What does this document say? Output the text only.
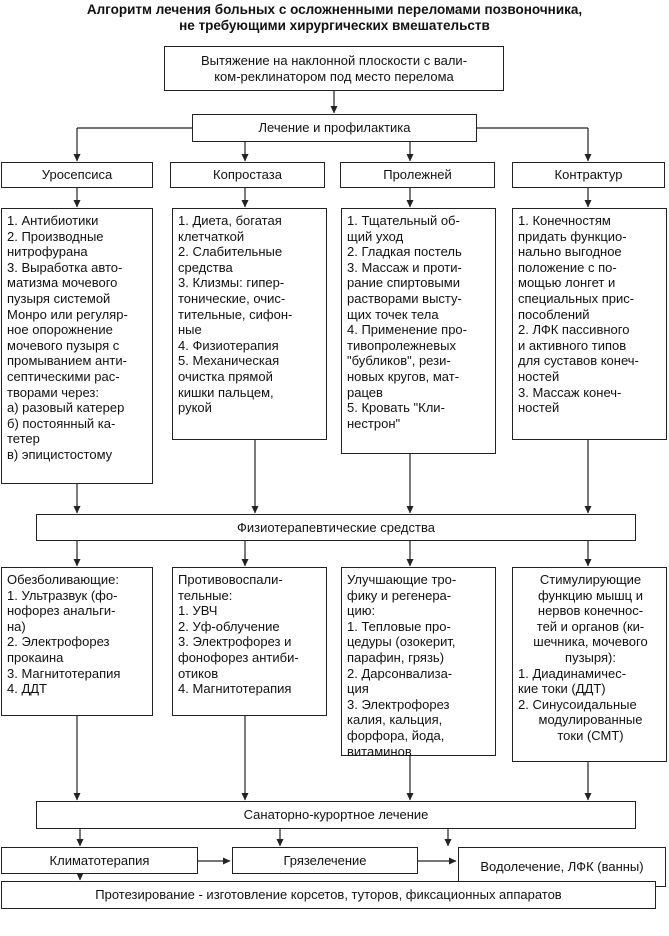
Алгоритм лечения больных с осложненными переломами позвоночника,
не требующими хирургических вмешательств
Вытяжение на наклонной плоскости с вали-
ком-реклинатором под место перелома
Лечение и профилактика
Уросепсиса	Копростаза	Пролежней	Контрактур
1. Антибиотики
2. Производные
нитрофурана
3. Выработка авто-
матизма мочевого
пузыря системой
Монро или регуляр-
ное опорожнение
мочевого пузыря с
промыванием анти-
септическими рас-
творами через:
а) разовый катерер
б) постоянный ка-
тетер
в) эпицистостому
1. Диета, богатая
клетчаткой
2. Слабительные
средства
3. Клизмы: гипер-
тонические, очис-
тительные, сифон-
ные
4. Физиотерапия
5. Механическая
очистка прямой
кишки пальцем,
рукой
1. Тщательный об-
щий уход
2. Гладкая постель
3. Массаж и проти-
рание спиртовыми
растворами высту-
щих точек тела
4. Применение про-
тивопролежневых
"бубликов", рези-
новых кругов, мат-
рацев
5. Кровать "Кли-
нестрон"
1. Конечностям
придать функцио-
нально выгодное
положение с по-
мощью лонгет и
специальных прис-
пособлений
2. ЛФК пассивного
и активного типов
для суставов конеч-
ностей
3. Массаж конеч-
ностей
Физиотерапевтические средства
Обезболивающие:
1. Ультразвук (фо-
нофорез анальги-
на)
2. Электрофорез
прокаина
3. Магнитотерапия
4. ДДТ
Противовоспали-
тельные:
1. УВЧ
2. Уф-облучение
3. Электрофорез и
фонофорез антиби-
отиков
4. Магнитотерапия
Улучшающие тро-
фику и регенера-
цию:
1. Тепловые про-
цедуры (озокерит,
парафин, грязь)
2. Дарсонвализа-
ция
3. Электрофорез
калия, кальция,
форфора, йода,
витаминов
Стимулирующие
функцию мышц и
нервов конечнос-
тей и органов (ки-
шечника, мочевого
пузыря):
1. Диадинамичес-
кие токи (ДДТ)
2. Синусоидальные
модулированные
токи (СМТ)
Санаторно-курортное лечение
Климатотерапия	Грязелечение	Водолечение, ЛФК (ванны)
Протезирование - изготовление корсетов, туторов, фиксационных аппаратов
